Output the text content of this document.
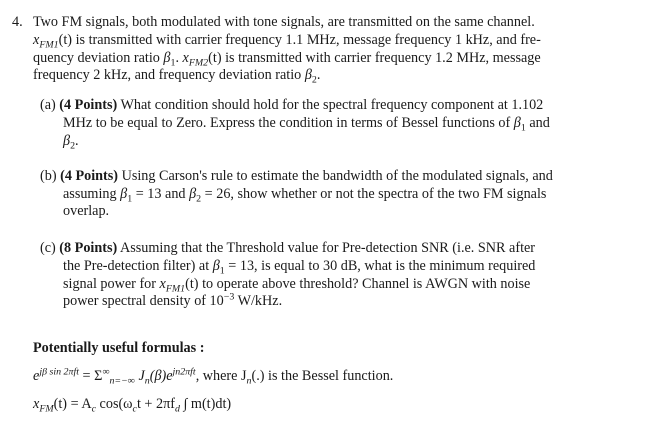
4. Two FM signals, both modulated with tone signals, are transmitted on the same channel.
$x_{FM1}(t)$ is transmitted with carrier frequency 1.1 MHz, message frequency 1 kHz, and fre-
quency deviation ratio $\beta_1$. $x_{FM2}(t)$ is transmitted with carrier frequency 1.2 MHz, message
frequency 2 kHz, and frequency deviation ratio $\beta_2$.
(a) (4 Points) What condition should hold for the spectral frequency component at 1.102
MHz to be equal to Zero. Express the condition in terms of Bessel functions of $\beta_1$ and
$\beta_2$.
(b) (4 Points) Using Carson's rule to estimate the bandwidth of the modulated signals, and
assuming $\beta_1 = 13$ and $\beta_2 = 26$, show whether or not the spectra of the two FM signals
overlap.
(c) (8 Points) Assuming that the Threshold value for Pre-detection SNR (i.e. SNR after
the Pre-detection filter) at $\beta_1 = 13$, is equal to 30 dB, what is the minimum required
signal power for $x_{FM1}(t)$ to operate above threshold? Channel is AWGN with noise
power spectral density of $10^{-3}$ W/kHz.
Potentially useful formulas :
$e^{j\beta sin 2\pi ft} = \Sigma^\infty_{n=-\infty}$ $J_n(\beta)e^{jn2\pi ft}$, where $J_n(.)$ is the Bessel function.
$x_{FM}(t) = A_c$ $\cos(\omega_ct + 2\pi f_d$ ∫ m(t)dt)
